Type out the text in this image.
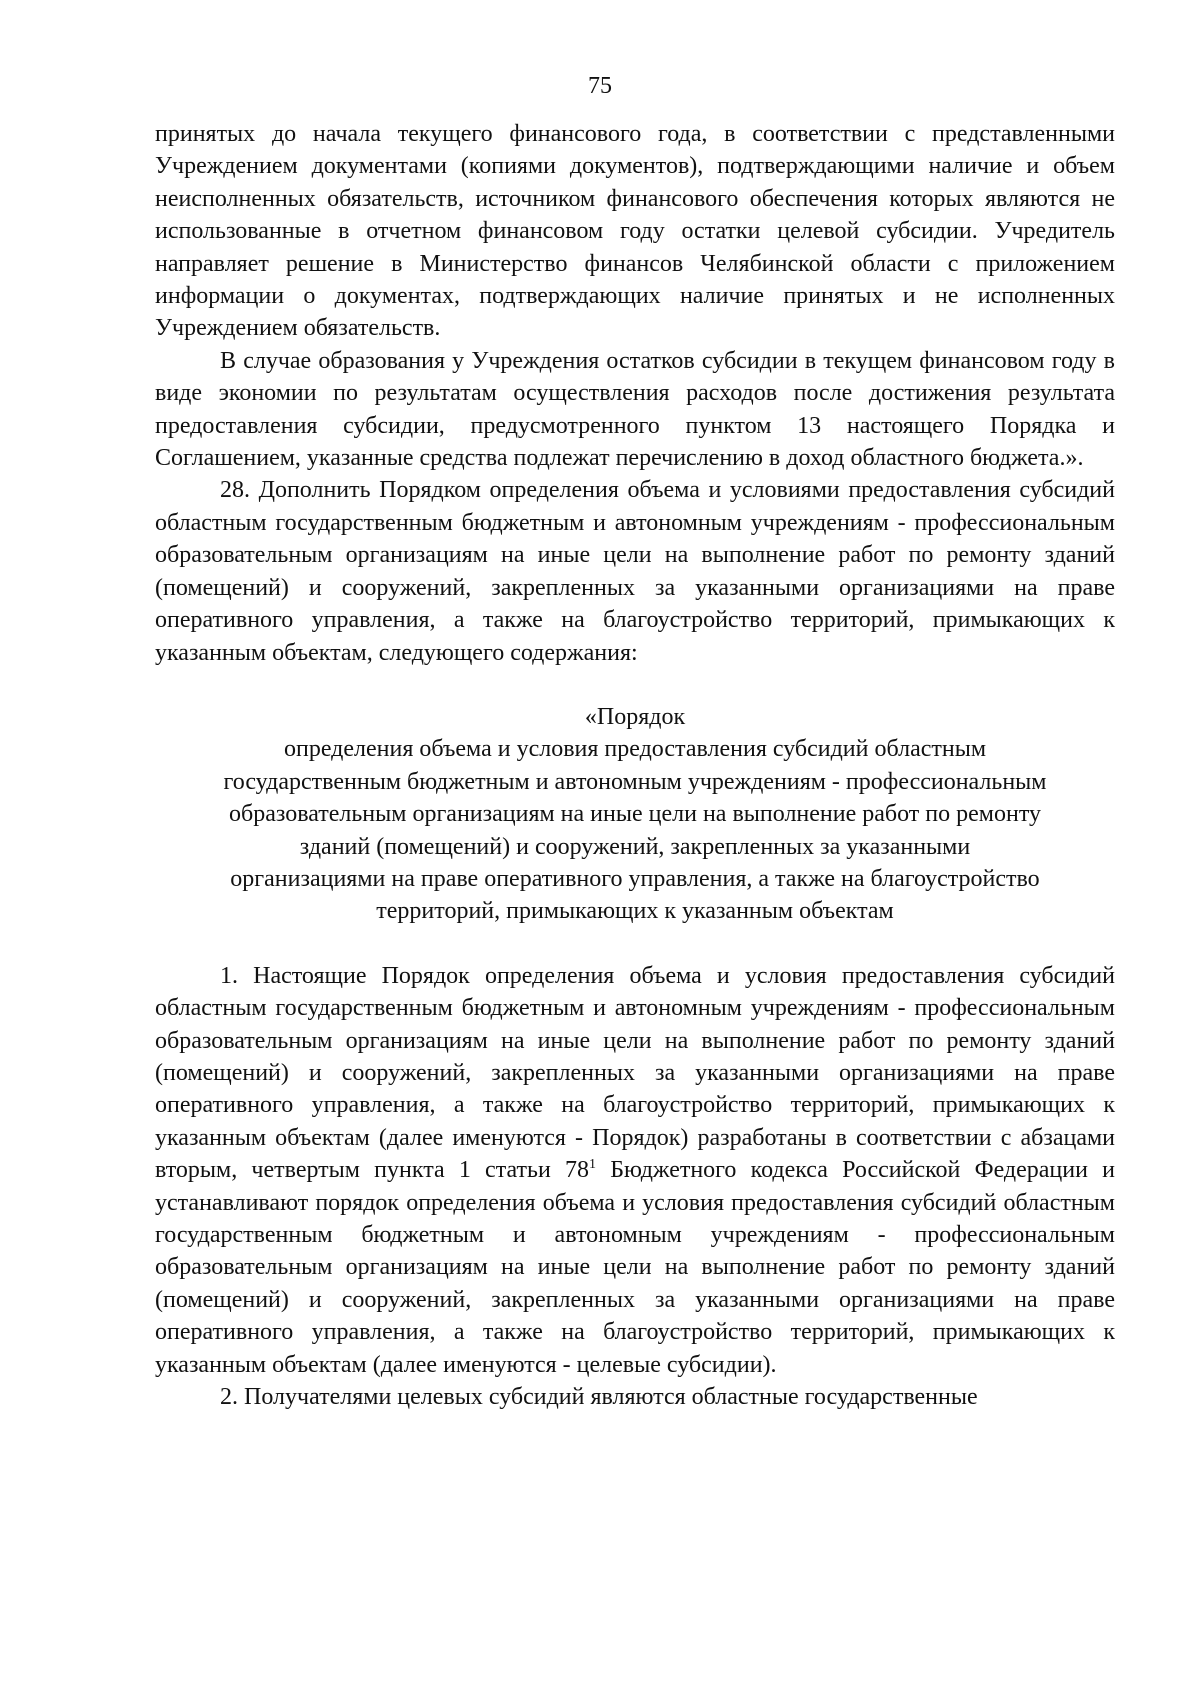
75

принятых до начала текущего финансового года, в соответствии с представленными Учреждением документами (копиями документов), подтверждающими наличие и объем неисполненных обязательств, источником финансового обеспечения которых являются не использованные в отчетном финансовом году остатки целевой субсидии. Учредитель направляет решение в Министерство финансов Челябинской области с приложением информации о документах, подтверждающих наличие принятых и не исполненных Учреждением обязательств.

В случае образования у Учреждения остатков субсидии в текущем финансовом году в виде экономии по результатам осуществления расходов после достижения результата предоставления субсидии, предусмотренного пунктом 13 настоящего Порядка и Соглашением, указанные средства подлежат перечислению в доход областного бюджета.».

28. Дополнить Порядком определения объема и условиями предоставления субсидий областным государственным бюджетным и автономным учреждениям - профессиональным образовательным организациям на иные цели на выполнение работ по ремонту зданий (помещений) и сооружений, закрепленных за указанными организациями на праве оперативного управления, а также на благоустройство территорий, примыкающих к указанным объектам, следующего содержания:

«Порядок
определения объема и условия предоставления субсидий областным
государственным бюджетным и автономным учреждениям - профессиональным
образовательным организациям на иные цели на выполнение работ по ремонту
зданий (помещений) и сооружений, закрепленных за указанными
организациями на праве оперативного управления, а также на благоустройство
территорий, примыкающих к указанным объектам

1. Настоящие Порядок определения объема и условия предоставления субсидий областным государственным бюджетным и автономным учреждениям - профессиональным образовательным организациям на иные цели на выполнение работ по ремонту зданий (помещений) и сооружений, закрепленных за указанными организациями на праве оперативного управления, а также на благоустройство территорий, примыкающих к указанным объектам (далее именуются - Порядок) разработаны в соответствии с абзацами вторым, четвертым пункта 1 статьи $78^1$ Бюджетного кодекса Российской Федерации и устанавливают порядок определения объема и условия предоставления субсидий областным государственным бюджетным и автономным учреждениям - профессиональным образовательным организациям на иные цели на выполнение работ по ремонту зданий (помещений) и сооружений, закрепленных за указанными организациями на праве оперативного управления, а также на благоустройство территорий, примыкающих к указанным объектам (далее именуются - целевые субсидии).

2. Получателями целевых субсидий являются областные государственные
